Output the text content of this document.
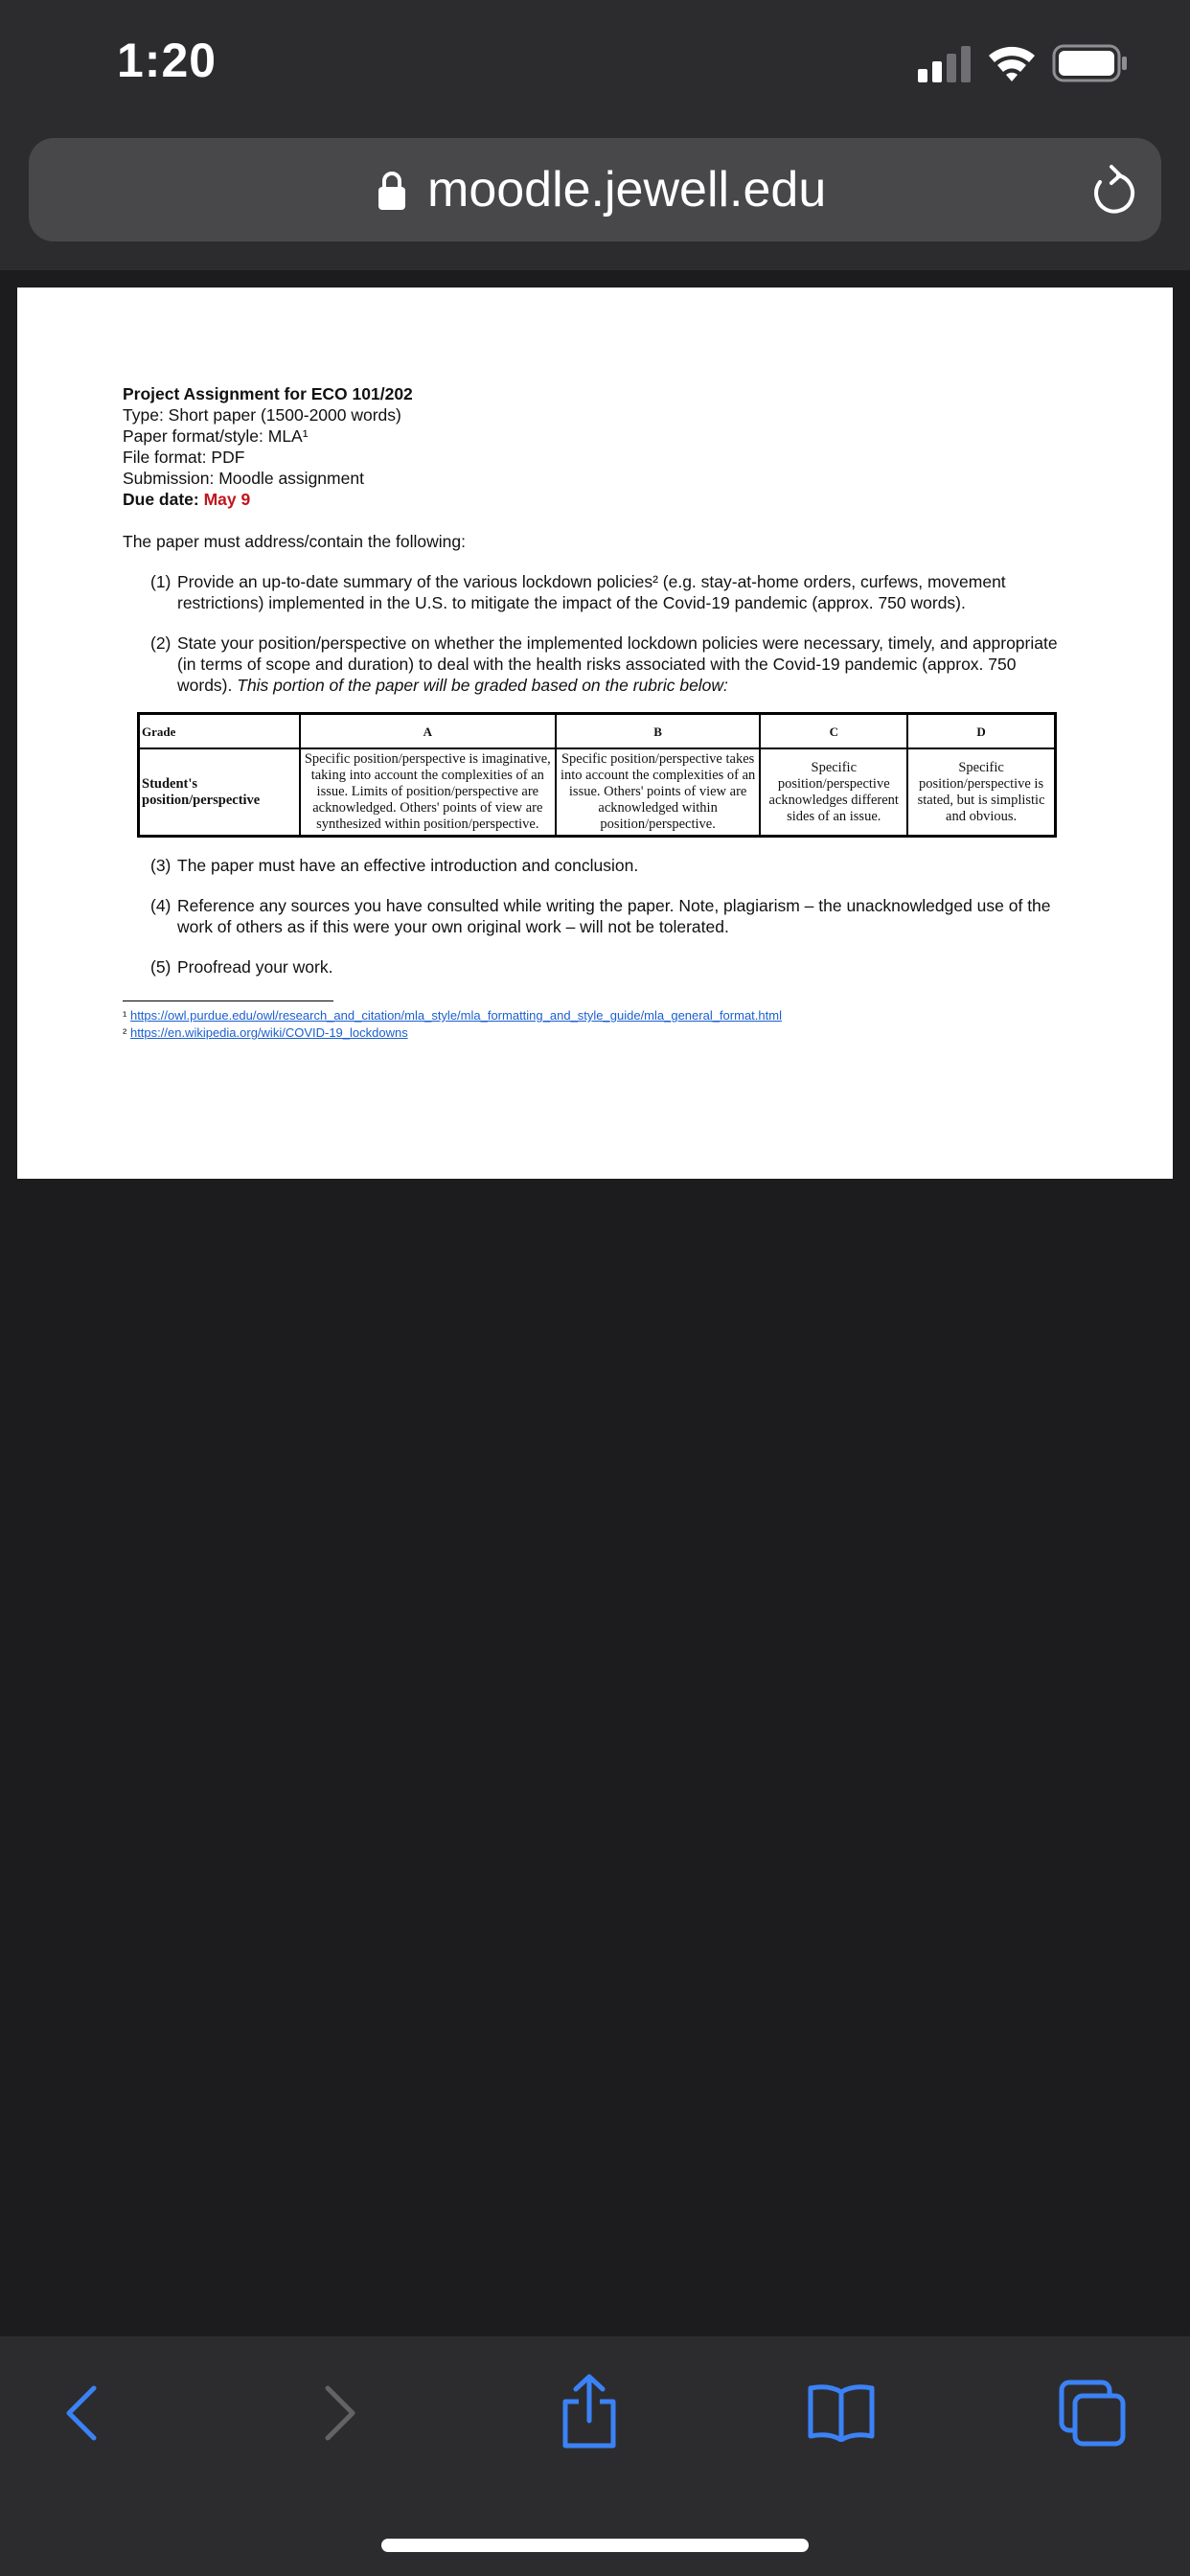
1:20
moodle.jewell.edu
Project Assignment for ECO 101/202
Type: Short paper (1500-2000 words)
Paper format/style: MLA¹
File format: PDF
Submission: Moodle assignment
Due date: May 9
The paper must address/contain the following:
(1) Provide an up-to-date summary of the various lockdown policies² (e.g. stay-at-home orders, curfews, movement restrictions) implemented in the U.S. to mitigate the impact of the Covid-19 pandemic (approx. 750 words).
(2) State your position/perspective on whether the implemented lockdown policies were necessary, timely, and appropriate (in terms of scope and duration) to deal with the health risks associated with the Covid-19 pandemic (approx. 750 words). This portion of the paper will be graded based on the rubric below:
Grade	A	B	C	D
Student's position/perspective	Specific position/perspective is imaginative, taking into account the complexities of an issue. Limits of position/perspective are acknowledged. Others' points of view are synthesized within position/perspective.	Specific position/perspective takes into account the complexities of an issue. Others' points of view are acknowledged within position/perspective.	Specific position/perspective acknowledges different sides of an issue.	Specific position/perspective is stated, but is simplistic and obvious.
(3) The paper must have an effective introduction and conclusion.
(4) Reference any sources you have consulted while writing the paper. Note, plagiarism – the unacknowledged use of the work of others as if this were your own original work – will not be tolerated.
(5) Proofread your work.
¹ https://owl.purdue.edu/owl/research_and_citation/mla_style/mla_formatting_and_style_guide/mla_general_format.html
² https://en.wikipedia.org/wiki/COVID-19_lockdowns
